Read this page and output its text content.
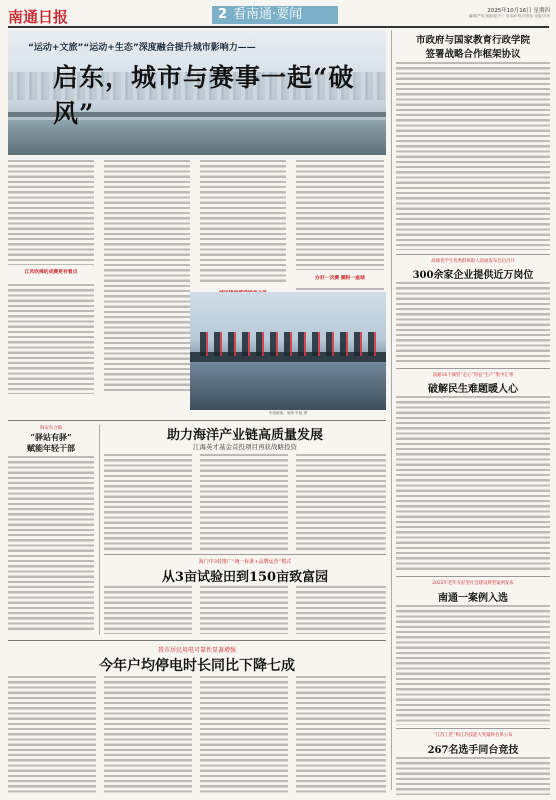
南通日报	2 看南通·要闻	2025年10月16日 星期四
编辑/严成 朗版/赵小丁 电话/6 校对/张伟 组版/苏秀
“运动+文旅”“运动+生态”深度融合提升城市影响力——
启东，城市与赛事一起“破风”
江风吹拂的成赛更有看点
办好一次赛 圈粉一座城
车组破赛。施琪 朱磊 摄
市政府与国家教育行政学院
签署战略合作框架协议
高端优学生优秀群体职入南通发布会启召开
300余家企业提供近万岗位
南通16个城管“走心”得益“生产”集中汇事
破解民生难题暖人心
2025年老年友好型社会建设典型案例发布
南通一案例入选
“江苏工匠”和江苏技能大奖最终名单公布
267名选手同台竞技
海安东合镇
“驿站有驿”
赋能年轻干部
助力海洋产业链高质量发展
江海英才基金首投项目再获战略投资
海门中3村推广“统一标准+品牌运营”模式
从3亩试验田到150亩致富园
我市居民用电可靠性显著增强
今年户均停电时长同比下降七成
